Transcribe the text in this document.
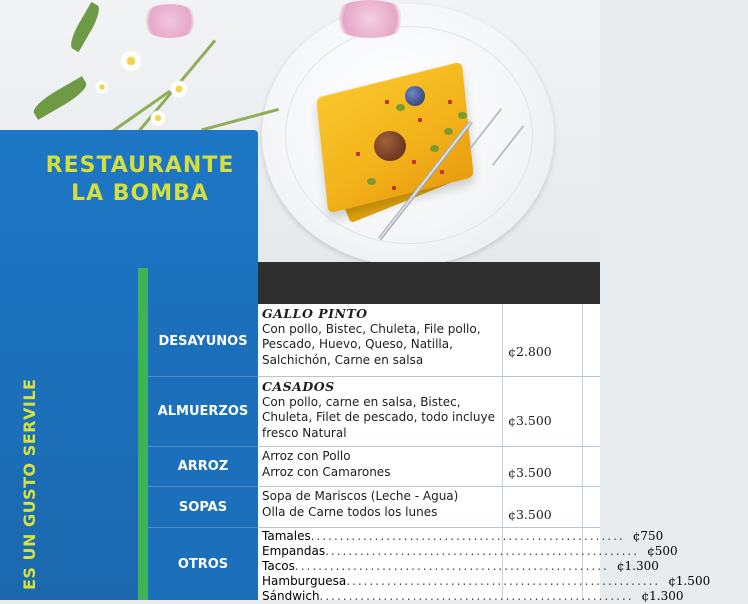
RESTAURANTE
LA BOMBA
ES UN GUSTO SERVILE
DESAYUNOS
ALMUERZOS
ARROZ
SOPAS
OTROS
GALLO PINTO
Con pollo, Bistec, Chuleta, File pollo, Pescado, Huevo, Queso, Natilla, Salchichón, Carne en salsa
¢2.800
CASADOS
Con pollo, carne en salsa, Bistec, Chuleta, Filet de pescado, todo incluye fresco Natural
¢3.500
Arroz con Pollo
Arroz con Camarones	¢3.500
Sopa de Mariscos (Leche - Agua)
Olla de Carne todos los lunes	¢3.500
Tamales ...................................................... ¢750
Empandas ...................................................... ¢500
Tacos ...................................................... ¢1.300
Hamburguesa ...................................................... ¢1.500
Sándwich ...................................................... ¢1.300
